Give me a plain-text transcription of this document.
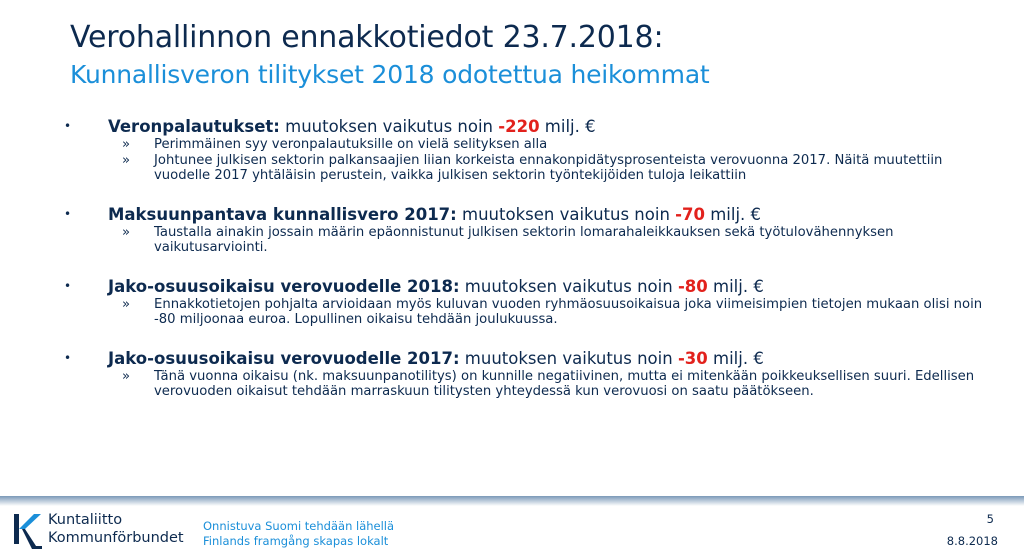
Verohallinnon ennakkotiedot 23.7.2018:
Kunnallisveron tilitykset 2018 odotettua heikommat
•	Veronpalautukset: muutoksen vaikutus noin -220 milj. €
» Perimmäinen syy veronpalautuksille on vielä selityksen alla
» Johtunee julkisen sektorin palkansaajien liian korkeista ennakonpidätysprosenteista verovuonna 2017. Näitä muutettiin vuodelle 2017 yhtäläisin perustein, vaikka julkisen sektorin työntekijöiden tuloja leikattiin
•	Maksuunpantava kunnallisvero 2017: muutoksen vaikutus noin -70 milj. €
» Taustalla ainakin jossain määrin epäonnistunut julkisen sektorin lomarahaleikkauksen sekä työtulovähennyksen vaikutusarviointi.
•	Jako-osuusoikaisu verovuodelle 2018: muutoksen vaikutus noin -80 milj. €
» Ennakkotietojen pohjalta arvioidaan myös kuluvan vuoden ryhmäosuusoikaisua joka viimeisimpien tietojen mukaan olisi noin -80 miljoonaa euroa. Lopullinen oikaisu tehdään joulukuussa.
•	Jako-osuusoikaisu verovuodelle 2017: muutoksen vaikutus noin -30 milj. €
» Tänä vuonna oikaisu (nk. maksuunpanotilitys) on kunnille negatiivinen, mutta ei mitenkään poikkeuksellisen suuri. Edellisen verovuoden oikaisut tehdään marraskuun tilitysten yhteydessä kun verovuosi on saatu päätökseen.
Kuntaliitto
Kommunförbundet
Onnistuva Suomi tehdään lähellä
Finlands framgång skapas lokalt
5
8.8.2018
